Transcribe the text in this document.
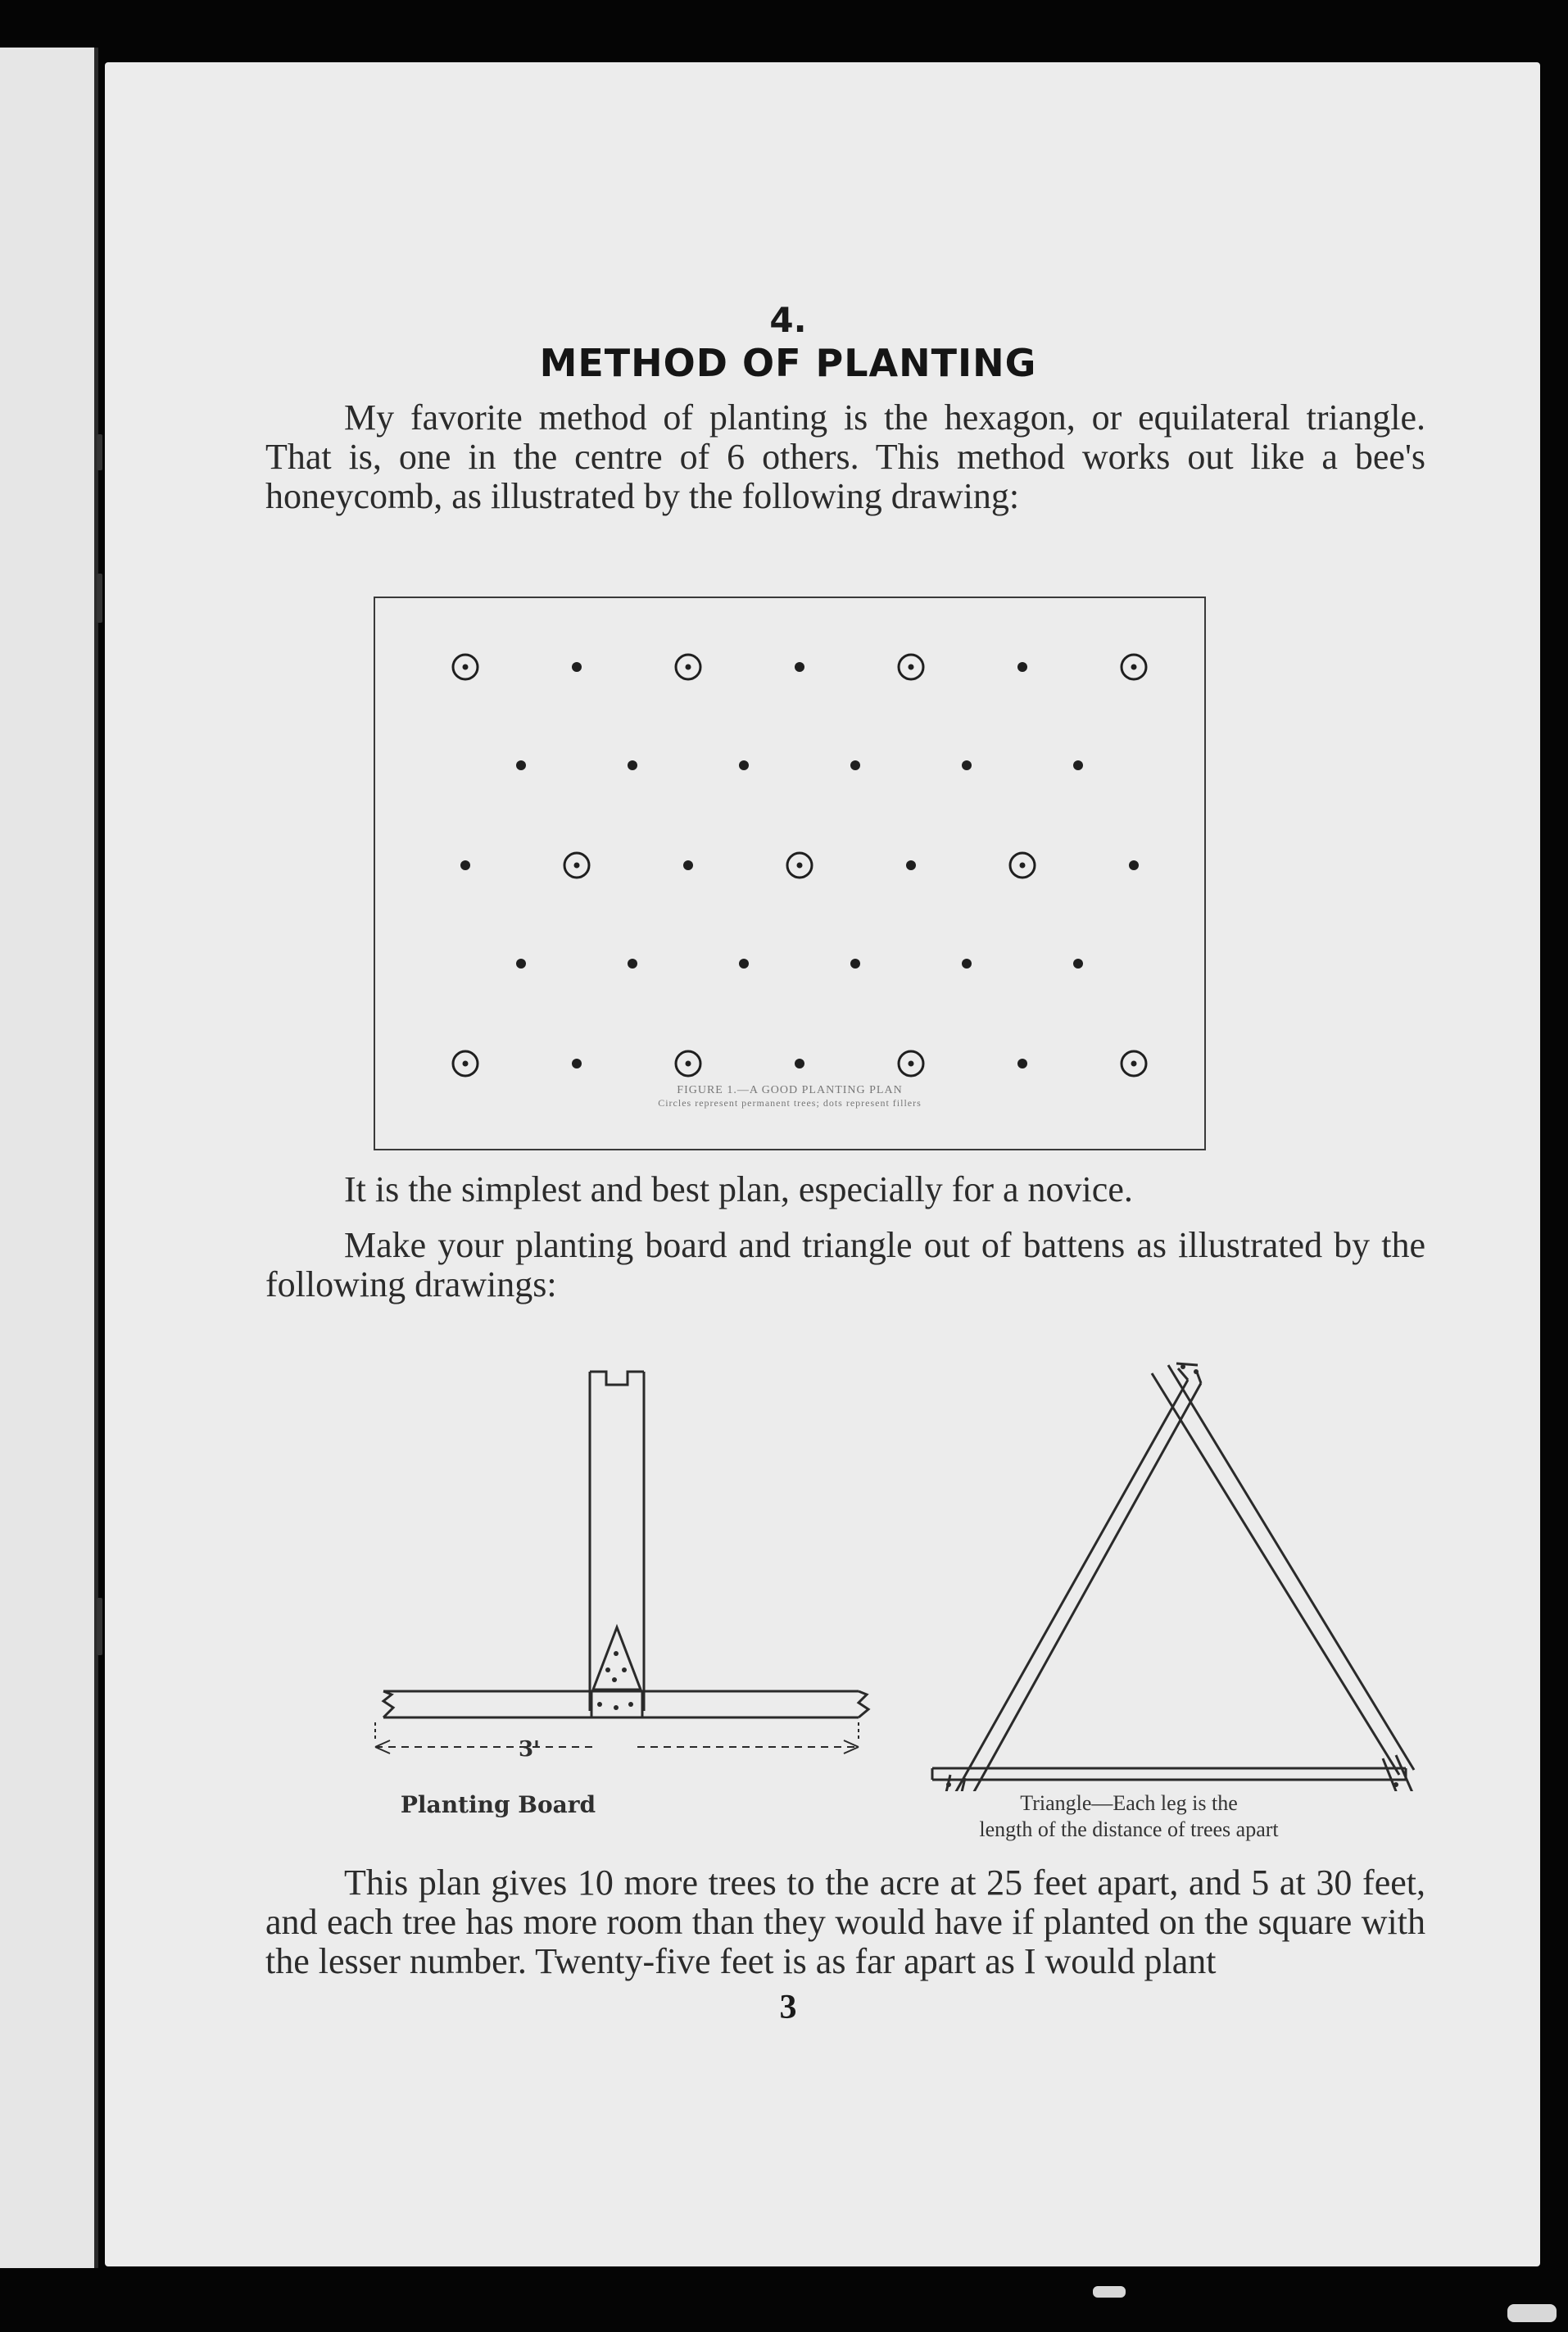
4.
METHOD OF PLANTING
My favorite method of planting is the hexagon, or equilateral triangle. That is, one in the centre of 6 others. This method works out like a bee's honeycomb, as illustrated by the following drawing:
FIGURE 1.—A GOOD PLANTING PLAN
Circles represent permanent trees; dots represent fillers
It is the simplest and best plan, especially for a novice.
Make your planting board and triangle out of battens as illustrated by the following drawings:
3'
Planting Board	Triangle—Each leg is the
length of the distance of trees apart
This plan gives 10 more trees to the acre at 25 feet apart, and 5 at 30 feet, and each tree has more room than they would have if planted on the square with the lesser number. Twenty-five feet is as far apart as I would plant
3
